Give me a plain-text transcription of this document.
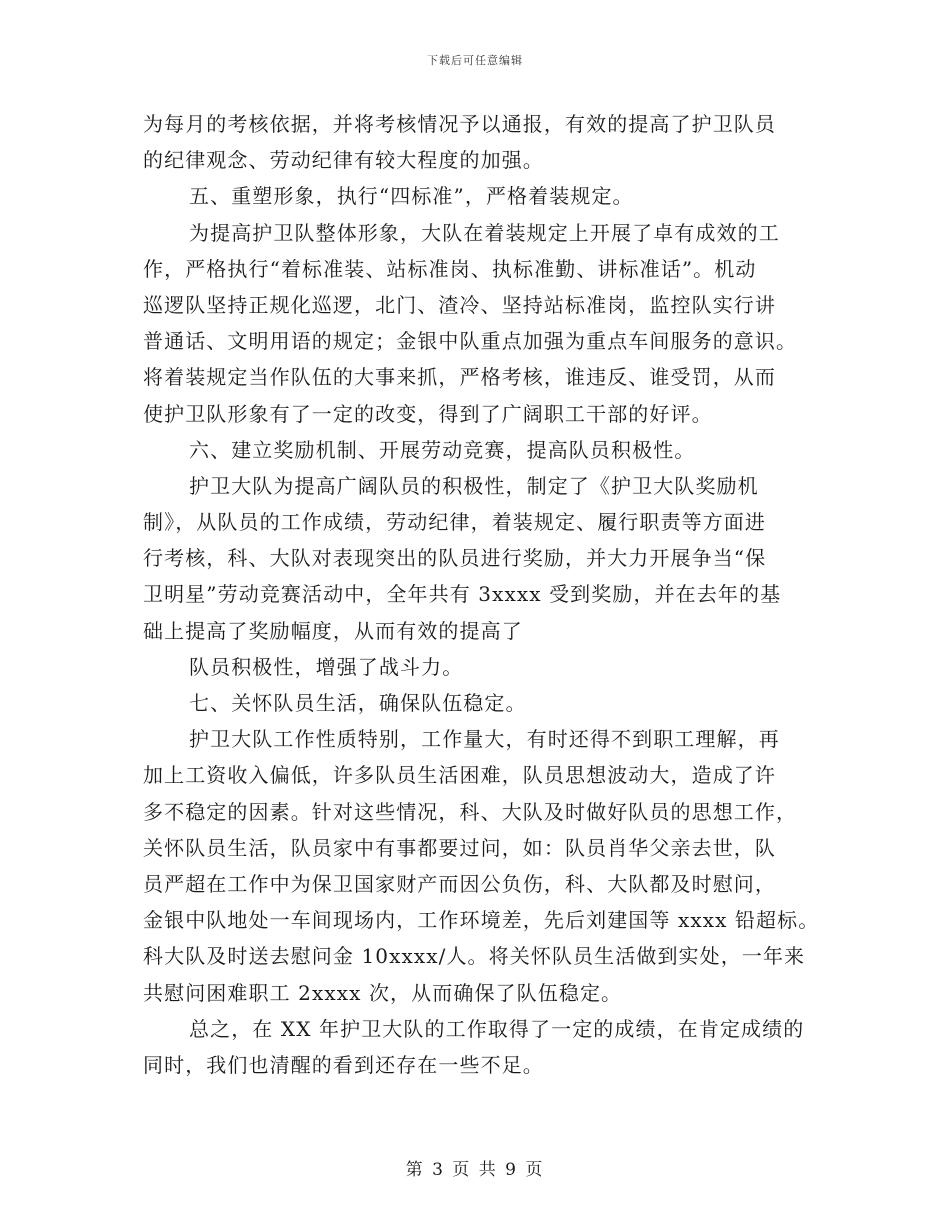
下载后可任意编辑
为每月的考核依据，并将考核情况予以通报，有效的提高了护卫队员
的纪律观念、劳动纪律有较大程度的加强。
五、重塑形象，执行“四标准”，严格着装规定。
为提高护卫队整体形象，大队在着装规定上开展了卓有成效的工
作，严格执行“着标准装、站标准岗、执标准勤、讲标准话”。机动
巡逻队坚持正规化巡逻，北门、渣冷、坚持站标准岗，监控队实行讲
普通话、文明用语的规定；金银中队重点加强为重点车间服务的意识。
将着装规定当作队伍的大事来抓，严格考核，谁违反、谁受罚，从而
使护卫队形象有了一定的改变，得到了广阔职工干部的好评。
六、建立奖励机制、开展劳动竞赛，提高队员积极性。
护卫大队为提高广阔队员的积极性，制定了《护卫大队奖励机
制》，从队员的工作成绩，劳动纪律，着装规定、履行职责等方面进
行考核，科、大队对表现突出的队员进行奖励，并大力开展争当“保
卫明星”劳动竞赛活动中，全年共有 3xxxx 受到奖励，并在去年的基
础上提高了奖励幅度，从而有效的提高了
队员积极性，增强了战斗力。
七、关怀队员生活，确保队伍稳定。
护卫大队工作性质特别，工作量大，有时还得不到职工理解，再
加上工资收入偏低，许多队员生活困难，队员思想波动大，造成了许
多不稳定的因素。针对这些情况，科、大队及时做好队员的思想工作，
关怀队员生活，队员家中有事都要过问，如：队员肖华父亲去世，队
员严超在工作中为保卫国家财产而因公负伤，科、大队都及时慰问，
金银中队地处一车间现场内，工作环境差，先后刘建国等 xxxx 铅超标。
科大队及时送去慰问金 10xxxx/人。将关怀队员生活做到实处，一年来
共慰问困难职工 2xxxx 次，从而确保了队伍稳定。
总之，在 XX 年护卫大队的工作取得了一定的成绩，在肯定成绩的
同时，我们也清醒的看到还存在一些不足。
第 3 页 共 9 页
